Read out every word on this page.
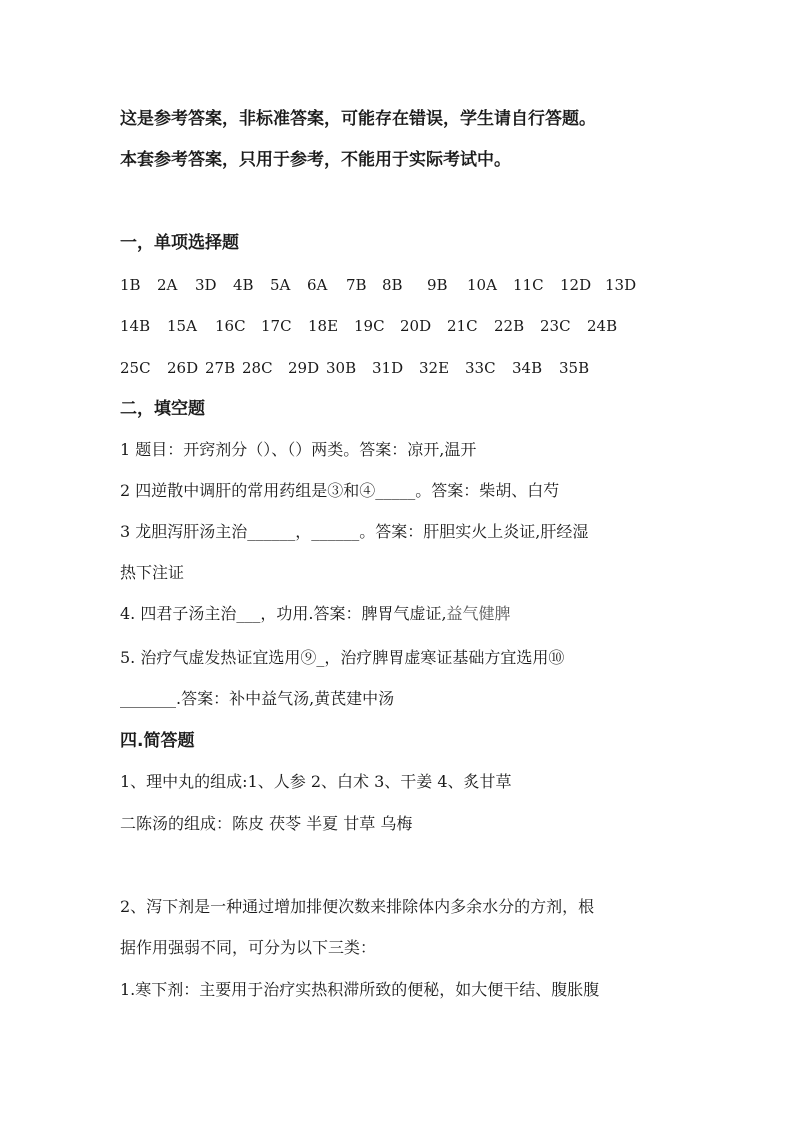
这是参考答案，非标准答案，可能存在错误，学生请自行答题。
本套参考答案，只用于参考，不能用于实际考试中。
一，单项选择题
1B 2A 3D 4B 5A 6A 7B 8B 9B 10A 11C 12D 13D
14B 15A 16C 17C 18E 19C 20D 21C 22B 23C 24B
25C 26D 27B 28C 29D 30B 31D 32E 33C 34B 35B
二，填空题
1 题目：开窍剂分（）、（）两类。答案：凉开,温开
2 四逆散中调肝的常用药组是③和④_____。答案：柴胡、白芍
3 龙胆泻肝汤主治______，______。答案：肝胆实火上炎证,肝经湿
热下注证
4. 四君子汤主治___，功用.答案：脾胃气虚证,益气健脾
5. 治疗气虚发热证宜选用⑨_，治疗脾胃虚寒证基础方宜选用⑩
_______.答案：补中益气汤,黄芪建中汤
四.简答题
1、理中丸的组成:1、人参 2、白术 3、干姜 4、炙甘草
二陈汤的组成：陈皮 茯苓 半夏 甘草 乌梅
2、泻下剂是一种通过增加排便次数来排除体内多余水分的方剂，根
据作用强弱不同，可分为以下三类：
1.寒下剂：主要用于治疗实热积滞所致的便秘，如大便干结、腹胀腹
